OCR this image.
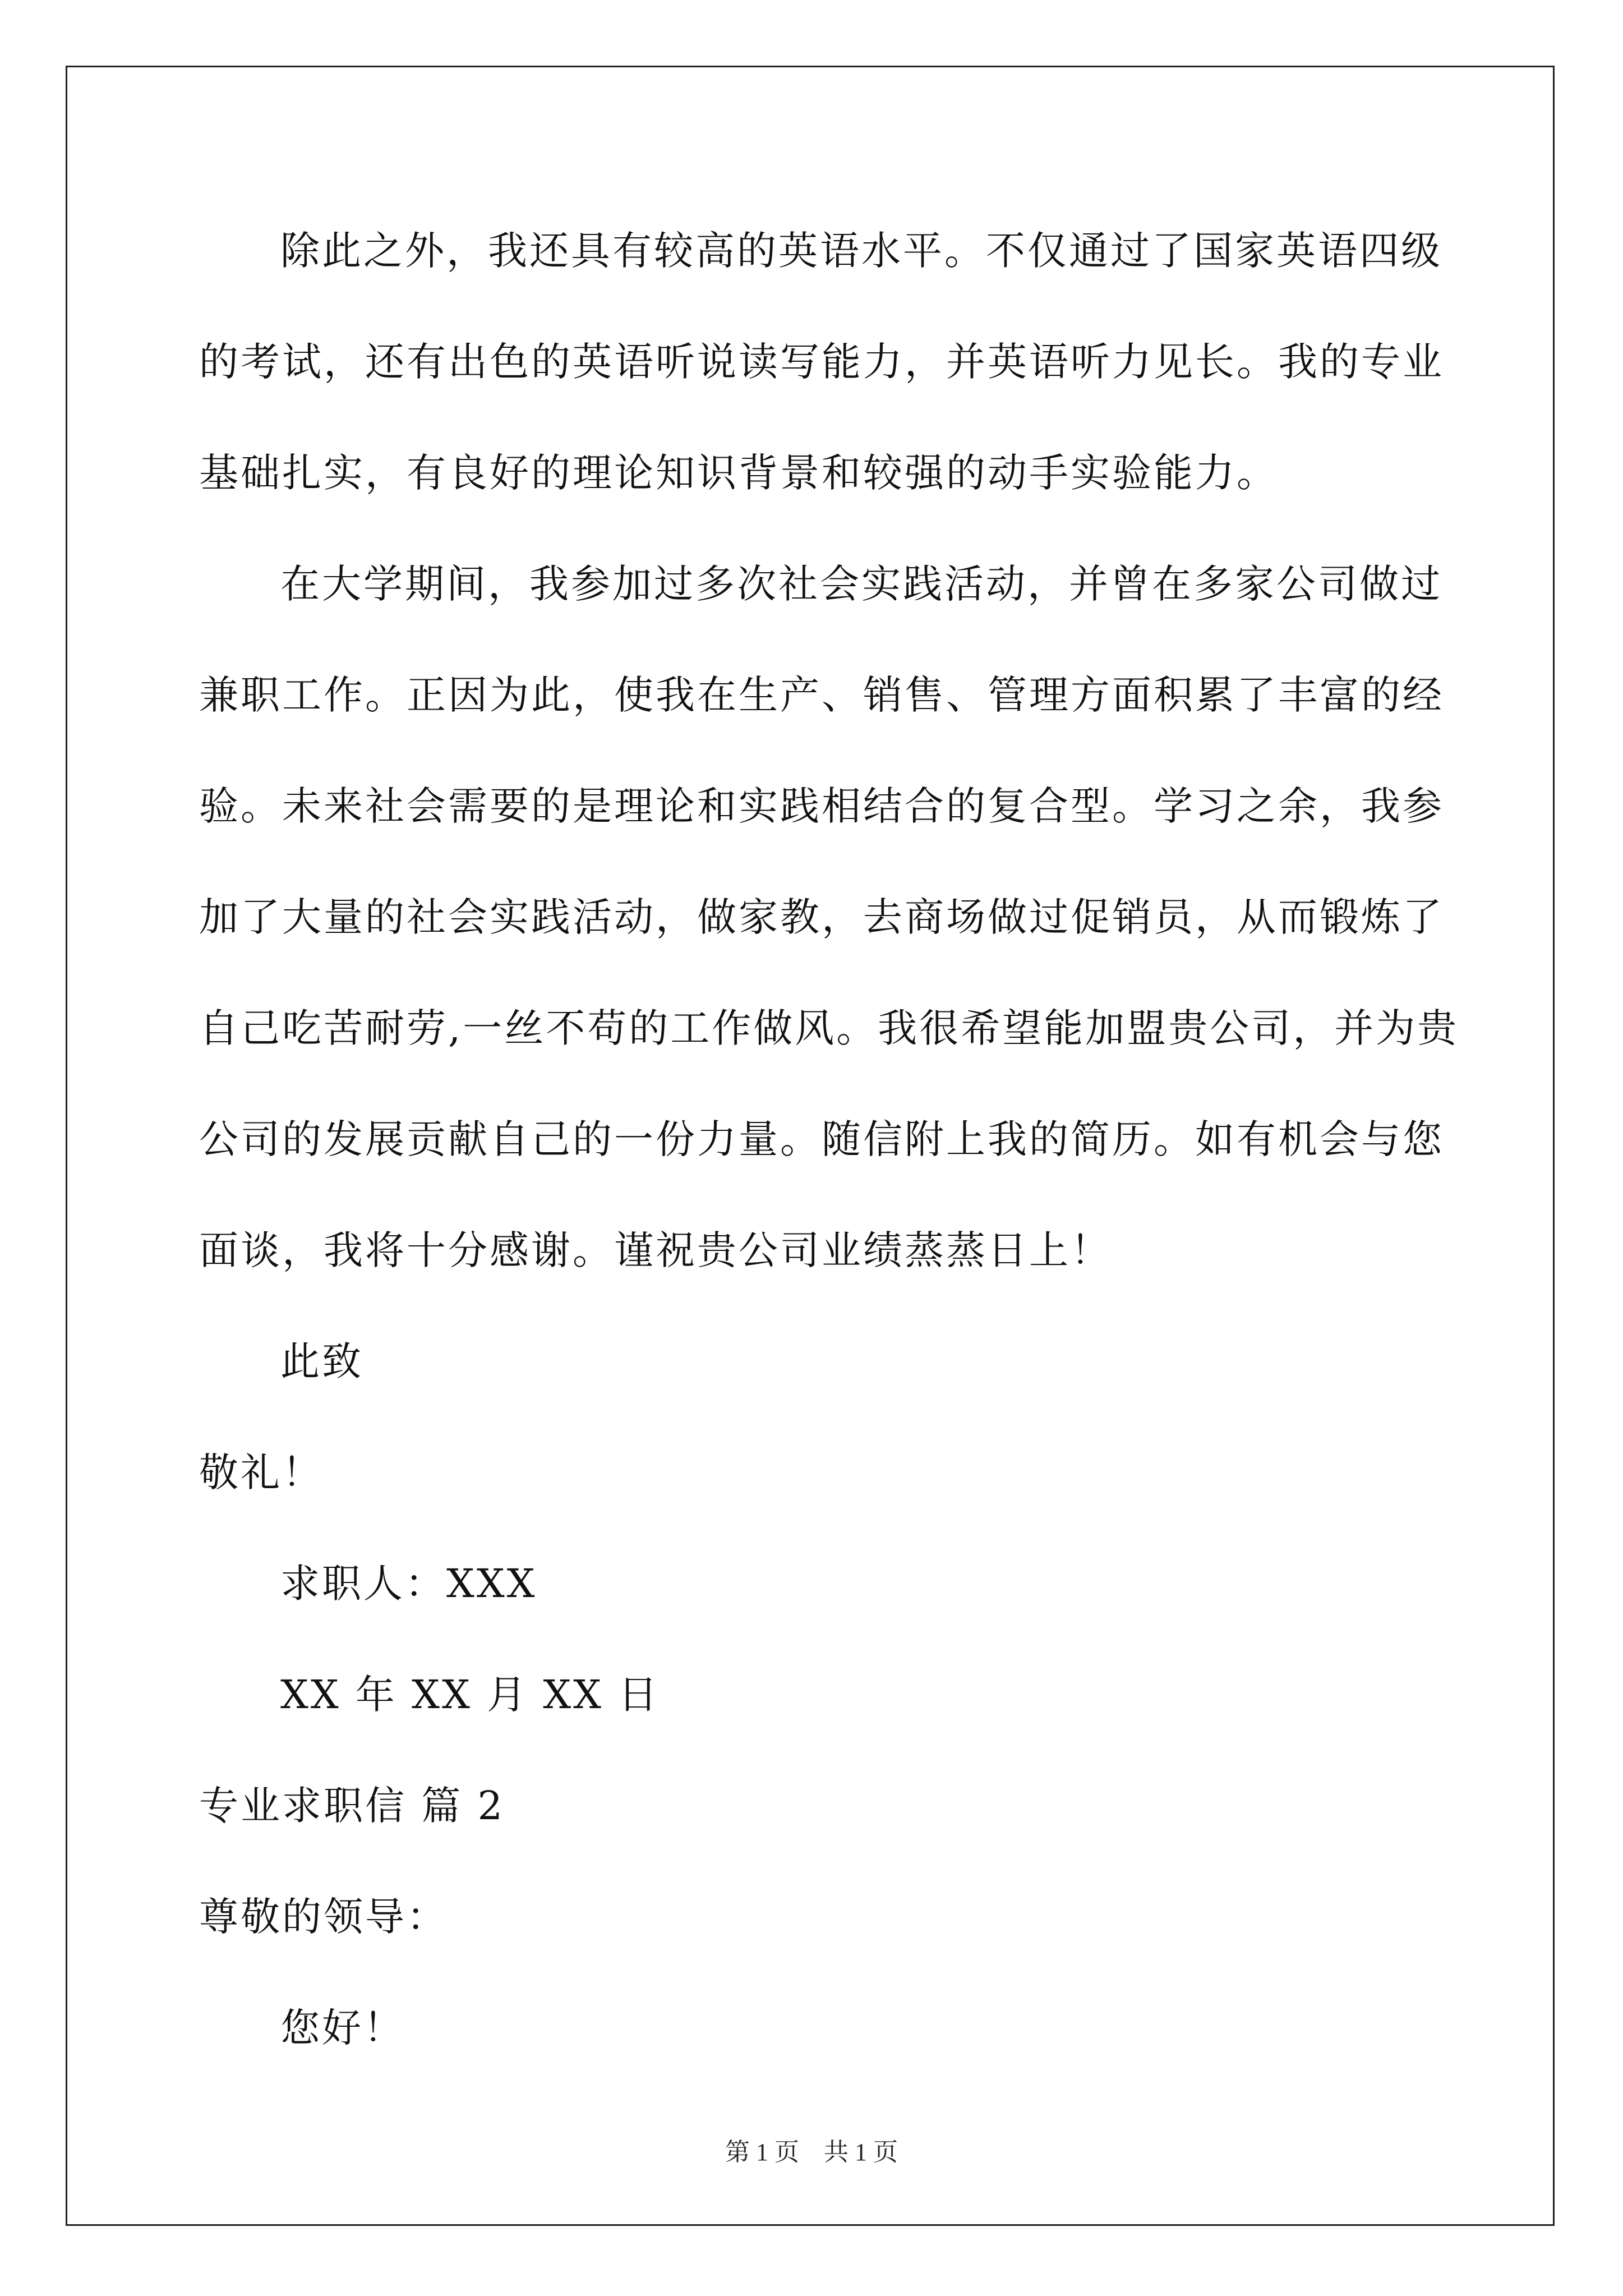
除此之外，我还具有较高的英语水平。不仅通过了国家英语四级
的考试，还有出色的英语听说读写能力，并英语听力见长。我的专业
基础扎实，有良好的理论知识背景和较强的动手实验能力。
在大学期间，我参加过多次社会实践活动，并曾在多家公司做过
兼职工作。正因为此，使我在生产、销售、管理方面积累了丰富的经
验。未来社会需要的是理论和实践相结合的复合型。学习之余，我参
加了大量的社会实践活动，做家教，去商场做过促销员，从而锻炼了
自己吃苦耐劳,一丝不苟的工作做风。我很希望能加盟贵公司，并为贵
公司的发展贡献自己的一份力量。随信附上我的简历。如有机会与您
面谈，我将十分感谢。谨祝贵公司业绩蒸蒸日上！
此致
敬礼！
求职人：XXX
XX 年 XX 月 XX 日
专业求职信 篇 2
尊敬的领导：
您好！
第 1 页　共 1 页
